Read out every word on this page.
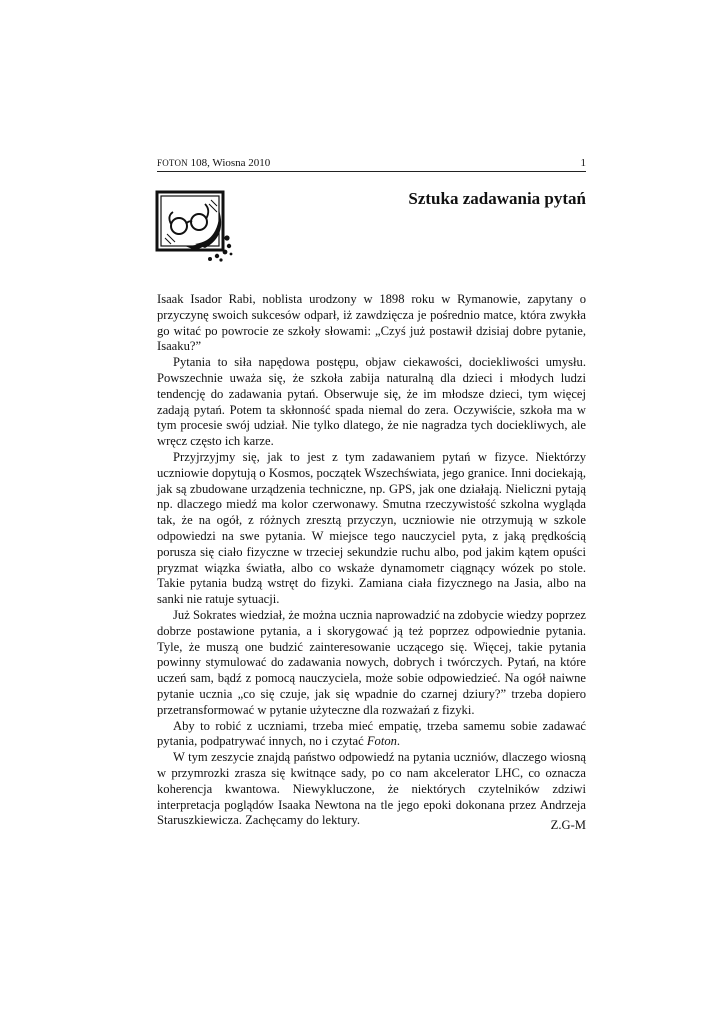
FOTON 108, Wiosna 2010	1
Sztuka zadawania pytań

Isaak Isador Rabi, noblista urodzony w 1898 roku w Rymanowie, zapytany o przyczynę swoich sukcesów odparł, iż zawdzięcza je pośrednio matce, która zwykła go witać po powrocie ze szkoły słowami: „Czyś już postawił dzisiaj dobre pytanie, Isaaku?”

Pytania to siła napędowa postępu, objaw ciekawości, dociekliwości umysłu. Powszechnie uważa się, że szkoła zabija naturalną dla dzieci i młodych ludzi tendencję do zadawania pytań. Obserwuje się, że im młodsze dzieci, tym więcej zadają pytań. Potem ta skłonność spada niemal do zera. Oczywiście, szkoła ma w tym procesie swój udział. Nie tylko dlatego, że nie nagradza tych dociekliwych, ale wręcz często ich karze.

Przyjrzyjmy się, jak to jest z tym zadawaniem pytań w fizyce. Niektórzy uczniowie dopytują o Kosmos, początek Wszechświata, jego granice. Inni dociekają, jak są zbudowane urządzenia techniczne, np. GPS, jak one działają. Nieliczni pytają np. dlaczego miedź ma kolor czerwonawy. Smutna rzeczywistość szkolna wygląda tak, że na ogół, z różnych zresztą przyczyn, uczniowie nie otrzymują w szkole odpowiedzi na swe pytania. W miejsce tego nauczyciel pyta, z jaką prędkością porusza się ciało fizyczne w trzeciej sekundzie ruchu albo, pod jakim kątem opuści pryzmat wiązka światła, albo co wskaże dynamometr ciągnący wózek po stole. Takie pytania budzą wstręt do fizyki. Zamiana ciała fizycznego na Jasia, albo na sanki nie ratuje sytuacji.

Już Sokrates wiedział, że można ucznia naprowadzić na zdobycie wiedzy poprzez dobrze postawione pytania, a i skorygować ją też poprzez odpowiednie pytania. Tyle, że muszą one budzić zainteresowanie uczącego się. Więcej, takie pytania powinny stymulować do zadawania nowych, dobrych i twórczych. Pytań, na które uczeń sam, bądź z pomocą nauczyciela, może sobie odpowiedzieć. Na ogół naiwne pytanie ucznia „co się czuje, jak się wpadnie do czarnej dziury?” trzeba dopiero przetransformować w pytanie użyteczne dla rozważań z fizyki.

Aby to robić z uczniami, trzeba mieć empatię, trzeba samemu sobie zadawać pytania, podpatrywać innych, no i czytać Foton.

W tym zeszycie znajdą państwo odpowiedź na pytania uczniów, dlaczego wiosną w przymrozki zrasza się kwitnące sady, po co nam akcelerator LHC, co oznacza koherencja kwantowa. Niewykluczone, że niektórych czytelników zdziwi interpretacja poglądów Isaaka Newtona na tle jego epoki dokonana przez Andrzeja Staruszkiewicza. Zachęcamy do lektury.	Z.G-M
